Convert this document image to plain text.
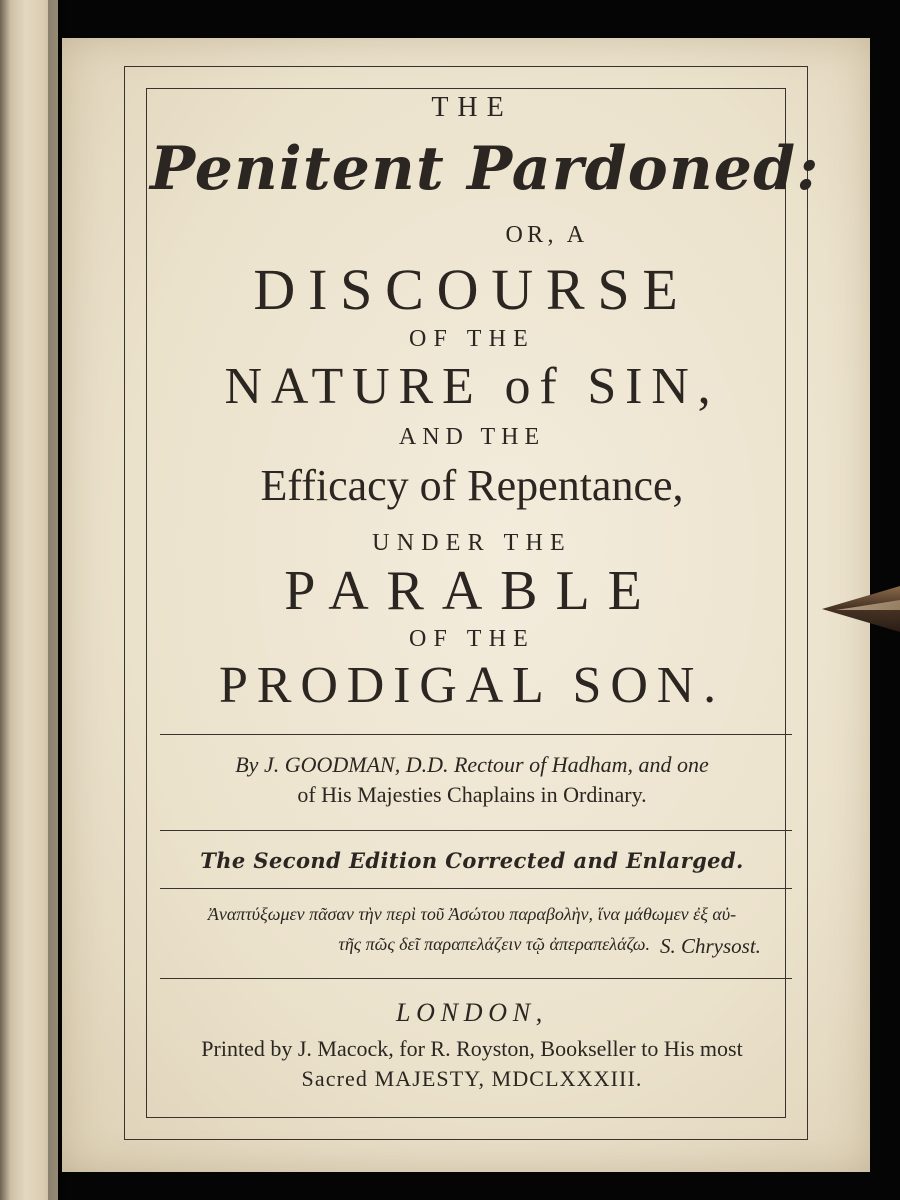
THE
Penitent Pardoned:
OR, A
DISCOURSE
OF THE
NATURE of SIN,
AND THE
Efficacy of Repentance,
UNDER THE
PARABLE
OF THE
PRODIGAL SON.
By J. GOODMAN, D.D. Rectour of Hadham, and one
of His Majesties Chaplains in Ordinary.
The Second Edition Corrected and Enlarged.
Ἀναπτύξωμεν πᾶσαν τὴν περὶ τοῦ Ἀσώτου παραβολὴν, ἵνα μάθωμεν ἐξ αὐ-
τῆς πῶς δεῖ παραπελάζειν τῷ ἀπεραπελάζω. S. Chrysost.
LONDON,
Printed by J. Macock, for R. Royston, Bookseller to His most
Sacred MAJESTY, MDCLXXXIII.
